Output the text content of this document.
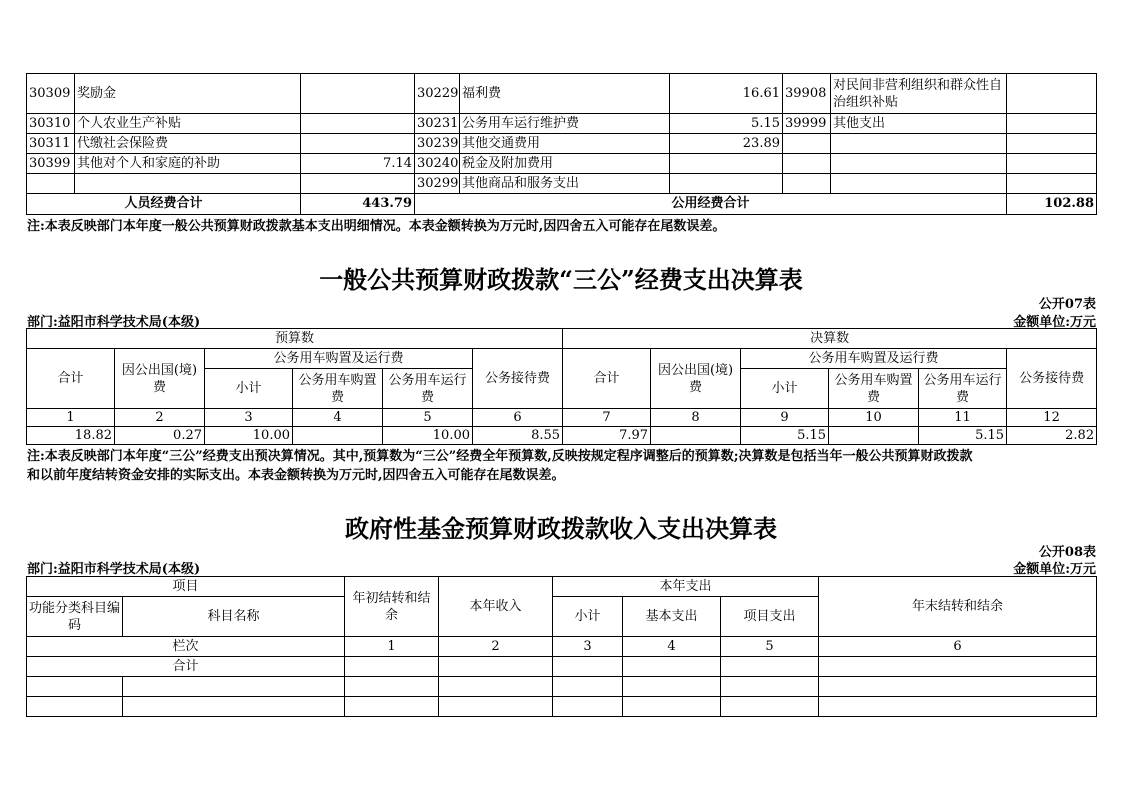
30309	奖励金		30229	福利费	16.61	39908	对民间非营利组织和群众性自治组织补贴	
30310	个人农业生产补贴		30231	公务用车运行维护费	5.15	39999	其他支出	
30311	代缴社会保险费		30239	其他交通费用	23.89			
30399	其他对个人和家庭的补助	7.14	30240	税金及附加费用				
			30299	其他商品和服务支出				
人员经费合计		443.79	公用经费合计					102.88
注:本表反映部门本年度一般公共预算财政拨款基本支出明细情况。本表金额转换为万元时,因四舍五入可能存在尾数误差。
一般公共预算财政拨款“三公”经费支出决算表
公开07表
部门:益阳市科学技术局(本级)	金额单位:万元
预算数						决算数					
合计	因公出国(境)费	公务用车购置及运行费			公务接待费	合计	因公出国(境)费	公务用车购置及运行费			公务接待费
		小计	公务用车购置费	公务用车运行费				小计	公务用车购置费	公务用车运行费	
1	2	3	4	5	6	7	8	9	10	11	12
18.82	0.27	10.00		10.00	8.55	7.97		5.15		5.15	2.82
注:本表反映部门本年度“三公”经费支出预决算情况。其中,预算数为“三公”经费全年预算数,反映按规定程序调整后的预算数;决算数是包括当年一般公共预算财政拨款
和以前年度结转资金安排的实际支出。本表金额转换为万元时,因四舍五入可能存在尾数误差。
政府性基金预算财政拨款收入支出决算表
公开08表
部门:益阳市科学技术局(本级)	金额单位:万元
项目		年初结转和结余	本年收入	本年支出			年末结转和结余
功能分类科目编码	科目名称			小计	基本支出	项目支出	
栏次		1	2	3	4	5	6
合计							
